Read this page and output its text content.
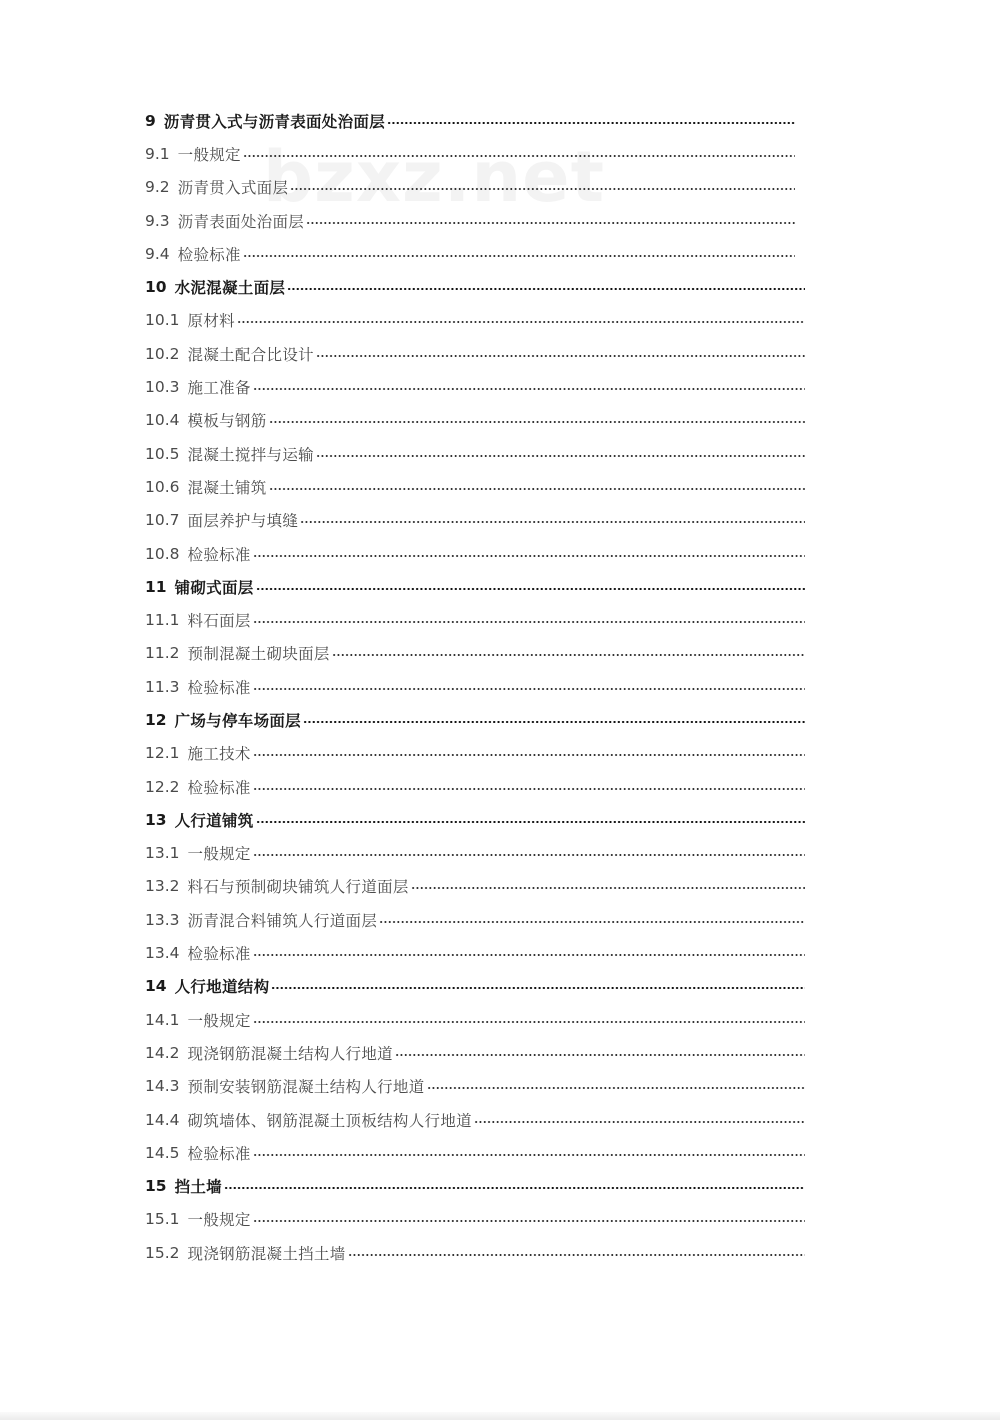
bzxz.net
9 沥青贯入式与沥青表面处治面层
9.1 一般规定
9.2 沥青贯入式面层
9.3 沥青表面处治面层
9.4 检验标准
10 水泥混凝土面层
10.1 原材料
10.2 混凝土配合比设计
10.3 施工准备
10.4 模板与钢筋
10.5 混凝土搅拌与运输
10.6 混凝土铺筑
10.7 面层养护与填缝
10.8 检验标准
11 铺砌式面层
11.1 料石面层
11.2 预制混凝土砌块面层
11.3 检验标准
12 广场与停车场面层
12.1 施工技术
12.2 检验标准
13 人行道铺筑
13.1 一般规定
13.2 料石与预制砌块铺筑人行道面层
13.3 沥青混合料铺筑人行道面层
13.4 检验标准
14 人行地道结构
14.1 一般规定
14.2 现浇钢筋混凝土结构人行地道
14.3 预制安装钢筋混凝土结构人行地道
14.4 砌筑墙体、钢筋混凝土顶板结构人行地道
14.5 检验标准
15 挡土墙
15.1 一般规定
15.2 现浇钢筋混凝土挡土墙
